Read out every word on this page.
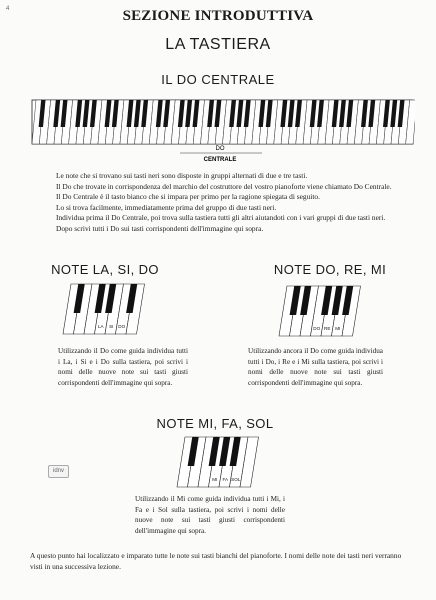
4	SEZIONE INTRODUTTIVA
LA TASTIERA
IL DO CENTRALE
DO
CENTRALE
Le note che si trovano sui tasti neri sono disposte in gruppi alternati di due e tre tasti.
Il Do che trovate in corrispondenza del marchio del costruttore del vostro pianoforte viene chiamato Do Centrale.
Il Do Centrale è il tasto bianco che si impara per primo per la ragione spiegata di seguito.
Lo si trova facilmente, immediatamente prima del gruppo di due tasti neri.
Individua prima il Do Centrale, poi trova sulla tastiera tutti gli altri aiutandoti con i vari gruppi di due tasti neri.
Dopo scrivi tutti i Do sui tasti corrispondenti dell'immagine qui sopra.
NOTE LA, SI, DO	NOTE DO, RE, MI
LA SI DO	DO RE MI
Utilizzando il Do come guida individua tutti i La, i Si e i Do sulla tastiera, poi scrivi i nomi delle nuove note sui tasti giusti corrispondenti dell'immagine qui sopra.
Utilizzando ancora il Do come guida individua tutti i Do, i Re e i Mi sulla tastiera, poi scrivi i nomi delle nuove note sui tasti giusti corrispondenti dell'immagine qui sopra.
NOTE MI, FA, SOL
MI FA SOL
idnv
Utilizzando il Mi come guida individua tutti i Mi, i Fa e i Sol sulla tastiera, poi scrivi i nomi delle nuove note sui tasti giusti corrispondenti dell'immagine qui sopra.
A questo punto hai localizzato e imparato tutte le note sui tasti bianchi del pianoforte. I nomi delle note dei tasti neri verranno visti in una successiva lezione.
